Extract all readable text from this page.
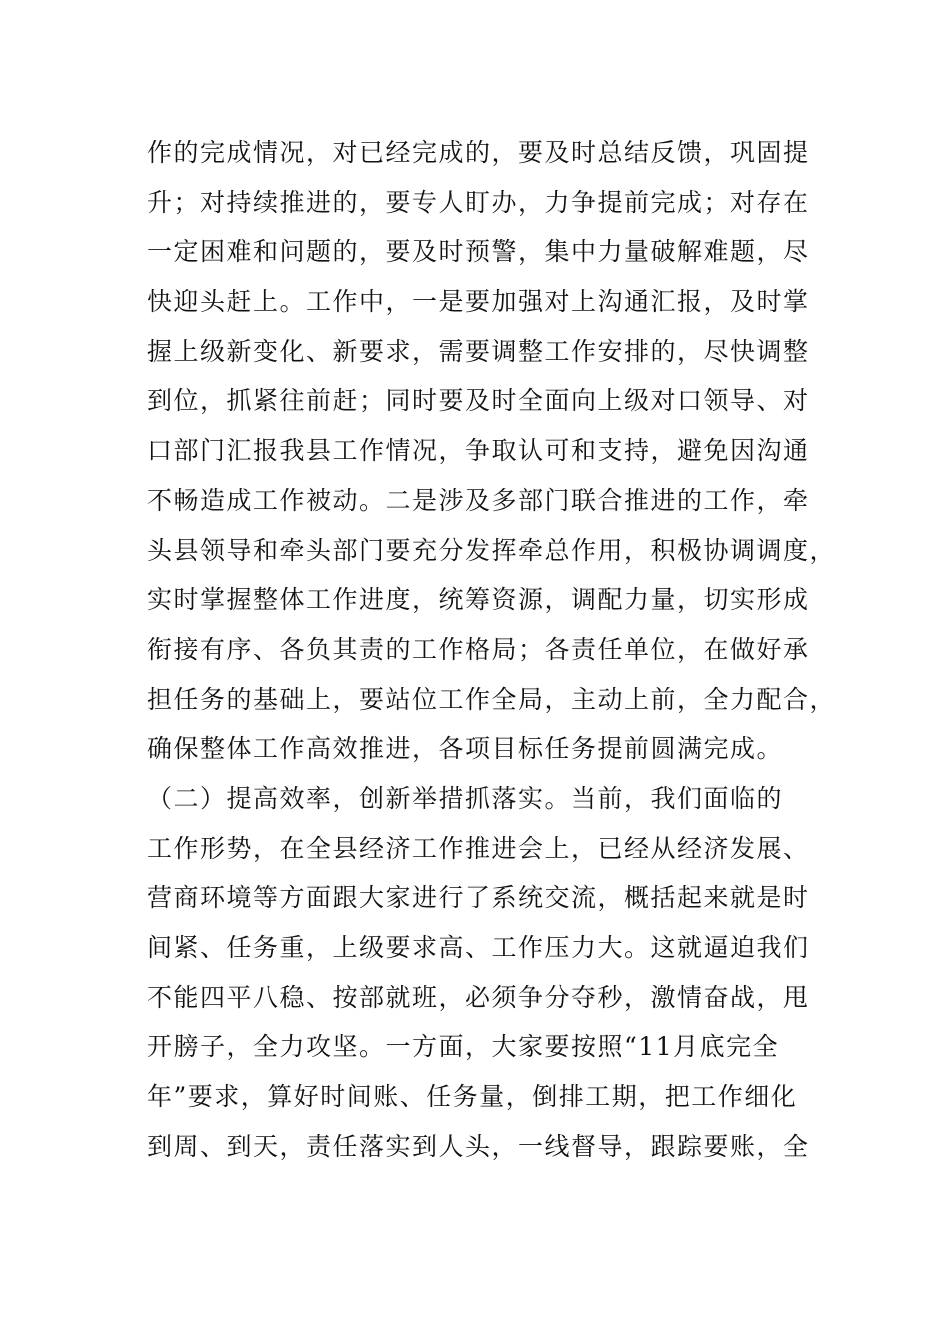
作的完成情况，对已经完成的，要及时总结反馈，巩固提
升；对持续推进的，要专人盯办，力争提前完成；对存在
一定困难和问题的，要及时预警，集中力量破解难题，尽
快迎头赶上。工作中，一是要加强对上沟通汇报，及时掌
握上级新变化、新要求，需要调整工作安排的，尽快调整
到位，抓紧往前赶；同时要及时全面向上级对口领导、对
口部门汇报我县工作情况，争取认可和支持，避免因沟通
不畅造成工作被动。二是涉及多部门联合推进的工作，牵
头县领导和牵头部门要充分发挥牵总作用，积极协调调度，
实时掌握整体工作进度，统筹资源，调配力量，切实形成
衔接有序、各负其责的工作格局；各责任单位，在做好承
担任务的基础上，要站位工作全局，主动上前，全力配合，
确保整体工作高效推进，各项目标任务提前圆满完成。
（二）提高效率，创新举措抓落实。当前，我们面临的
工作形势，在全县经济工作推进会上，已经从经济发展、
营商环境等方面跟大家进行了系统交流，概括起来就是时
间紧、任务重，上级要求高、工作压力大。这就逼迫我们
不能四平八稳、按部就班，必须争分夺秒，激情奋战，甩
开膀子，全力攻坚。一方面，大家要按照“11月底完全
年”要求，算好时间账、任务量，倒排工期，把工作细化
到周、到天，责任落实到人头，一线督导，跟踪要账，全
